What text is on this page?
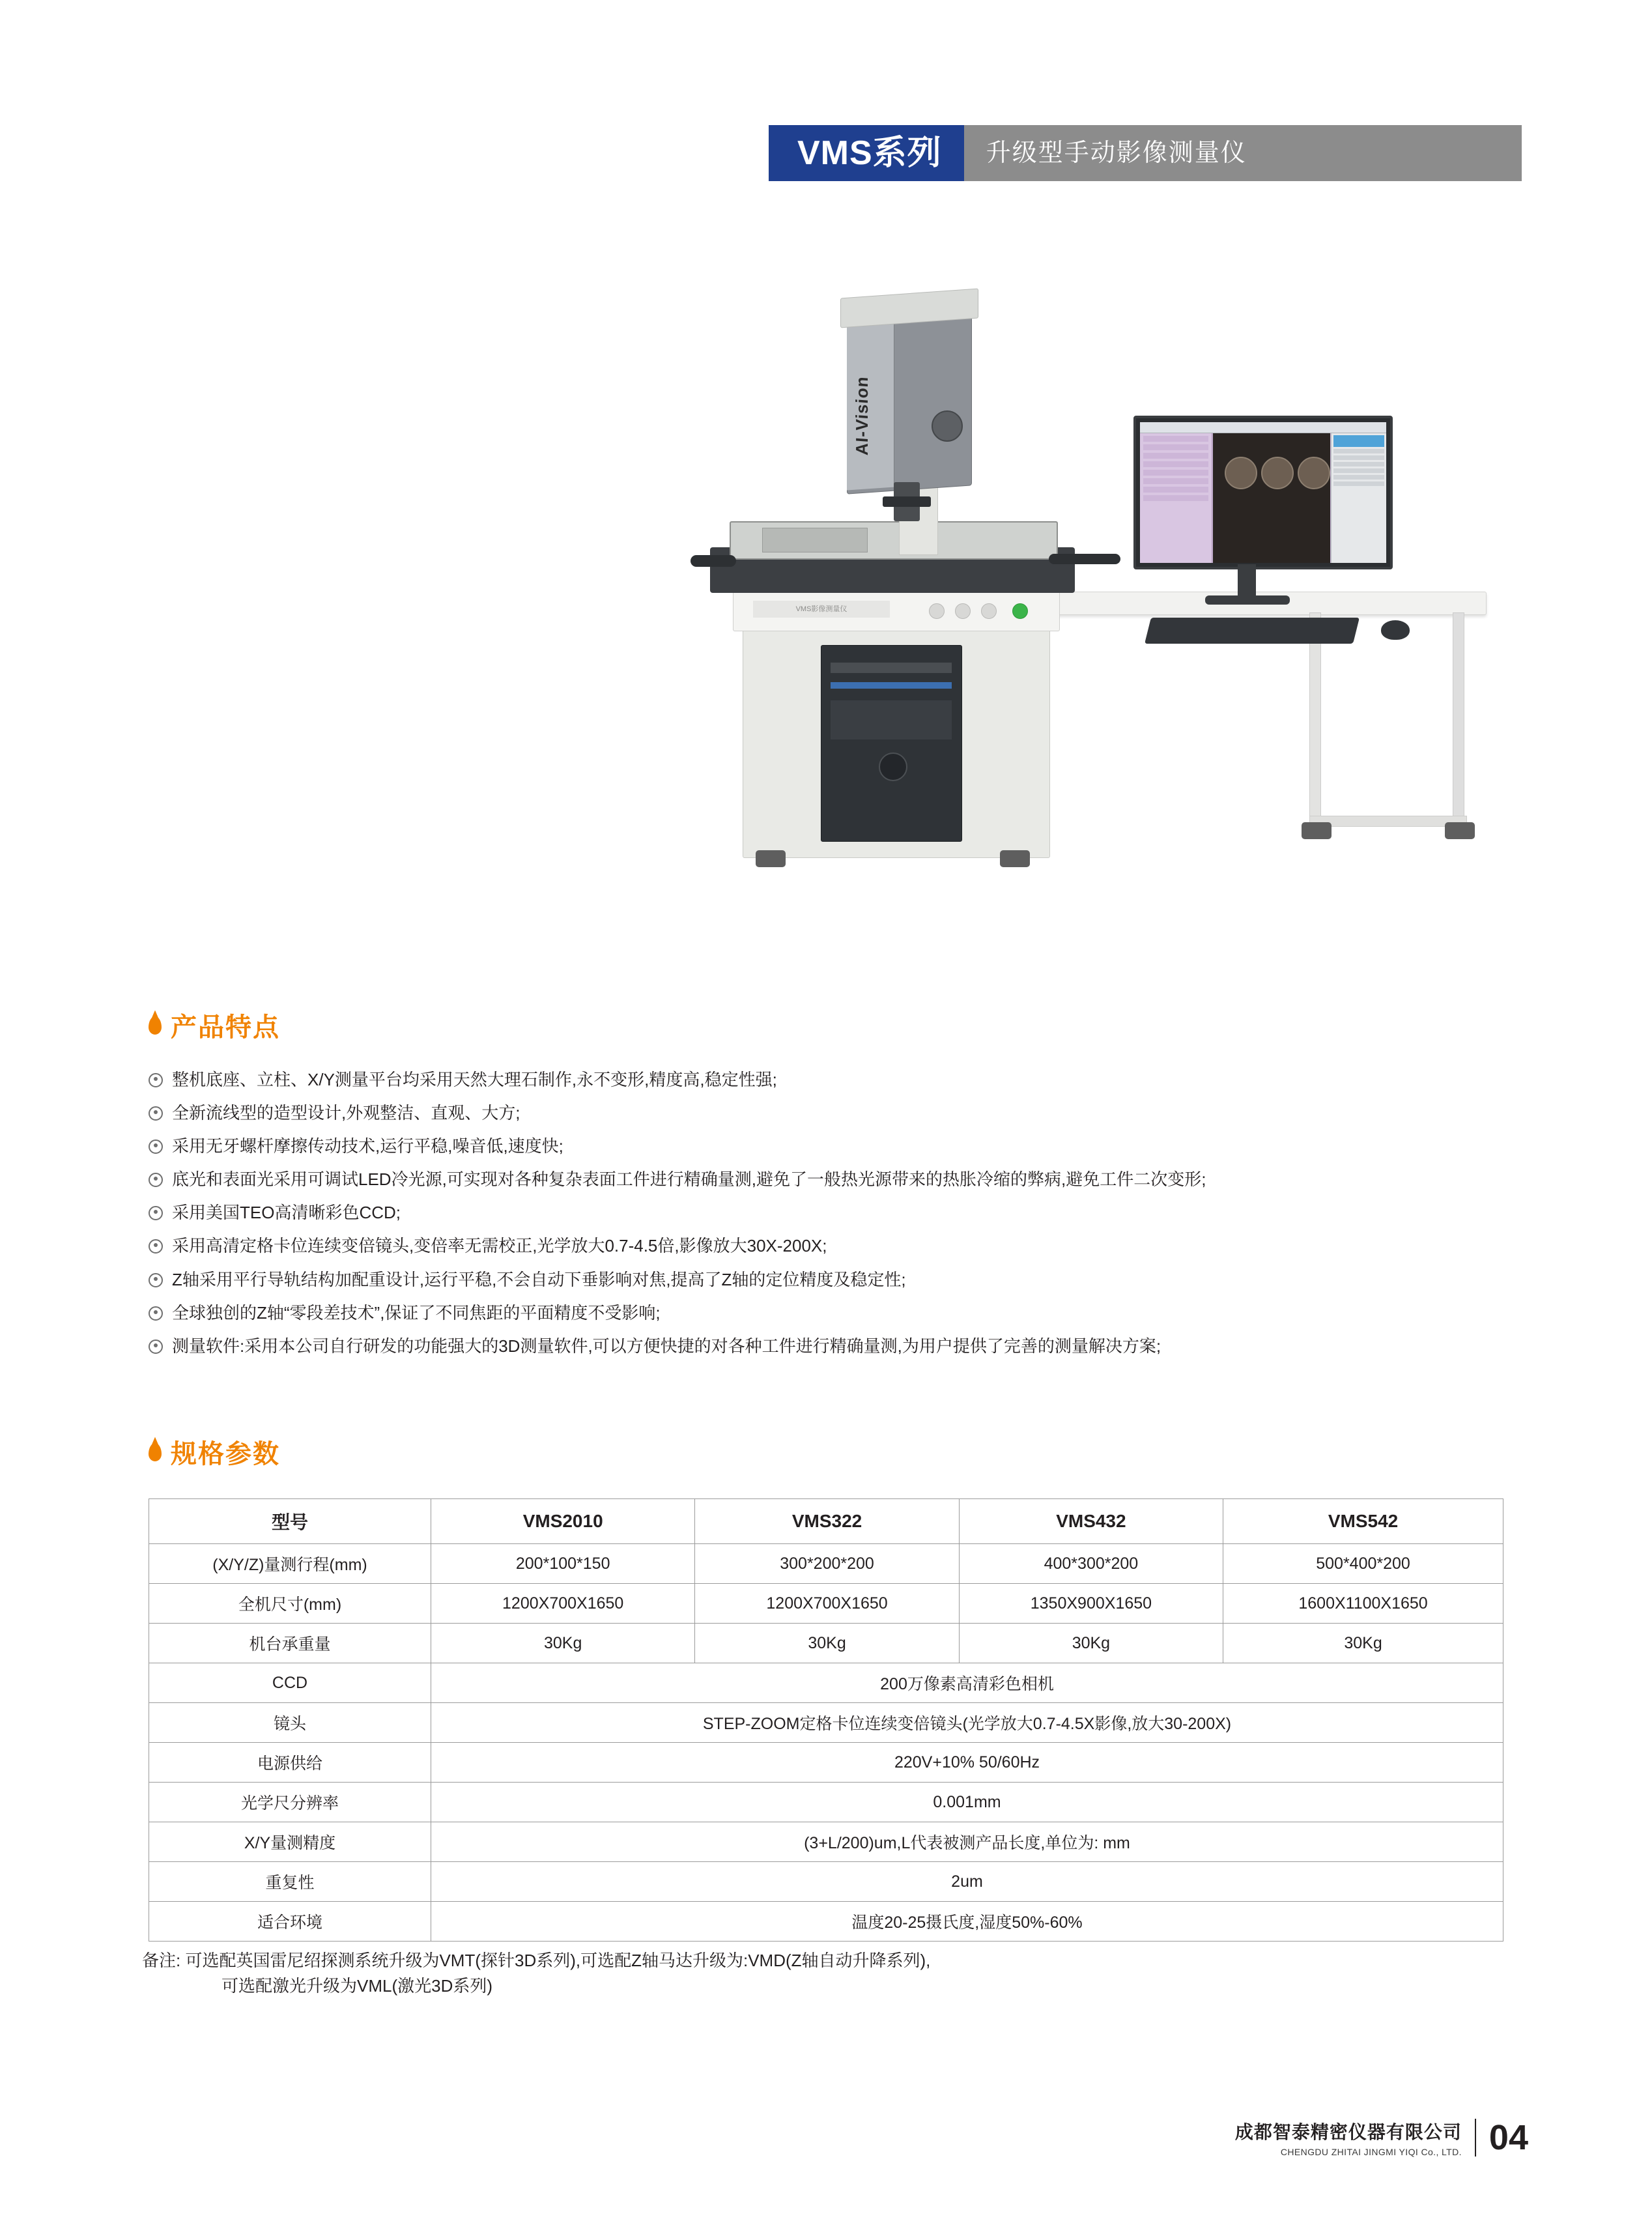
VMS系列	升级型手动影像测量仪
VMS影像测量仪
AI-Vision
产品特点
整机底座、立柱、X/Y测量平台均采用天然大理石制作,永不变形,精度高,稳定性强;
全新流线型的造型设计,外观整洁、直观、大方;
采用无牙螺杆摩擦传动技术,运行平稳,噪音低,速度快;
底光和表面光采用可调试LED冷光源,可实现对各种复杂表面工件进行精确量测,避免了一般热光源带来的热胀冷缩的弊病,避免工件二次变形;
采用美国TEO高清晰彩色CCD;
采用高清定格卡位连续变倍镜头,变倍率无需校正,光学放大0.7-4.5倍,影像放大30X-200X;
Z轴采用平行导轨结构加配重设计,运行平稳,不会自动下垂影响对焦,提高了Z轴的定位精度及稳定性;
全球独创的Z轴“零段差技术”,保证了不同焦距的平面精度不受影响;
测量软件:采用本公司自行研发的功能强大的3D测量软件,可以方便快捷的对各种工件进行精确量测,为用户提供了完善的测量解决方案;
规格参数
型号	VMS2010	VMS322	VMS432	VMS542
(X/Y/Z)量测行程(mm)	200*100*150	300*200*200	400*300*200	500*400*200
全机尺寸(mm)	1200X700X1650	1200X700X1650	1350X900X1650	1600X1100X1650
机台承重量	30Kg	30Kg	30Kg	30Kg
CCD	200万像素高清彩色相机			
镜头	STEP-ZOOM定格卡位连续变倍镜头(光学放大0.7-4.5X影像,放大30-200X)			
电源供给	220V+10% 50/60Hz			
光学尺分辨率	0.001mm			
X/Y量测精度	(3+L/200)um,L代表被测产品长度,单位为: mm			
重复性	2um			
适合环境	温度20-25摄氏度,湿度50%-60%			
备注: 可选配英国雷尼绍探测系统升级为VMT(探针3D系列),可选配Z轴马达升级为:VMD(Z轴自动升降系列),
可选配激光升级为VML(激光3D系列)
成都智泰精密仪器有限公司
CHENGDU ZHITAI JINGMI YIQI Co., LTD. 04
